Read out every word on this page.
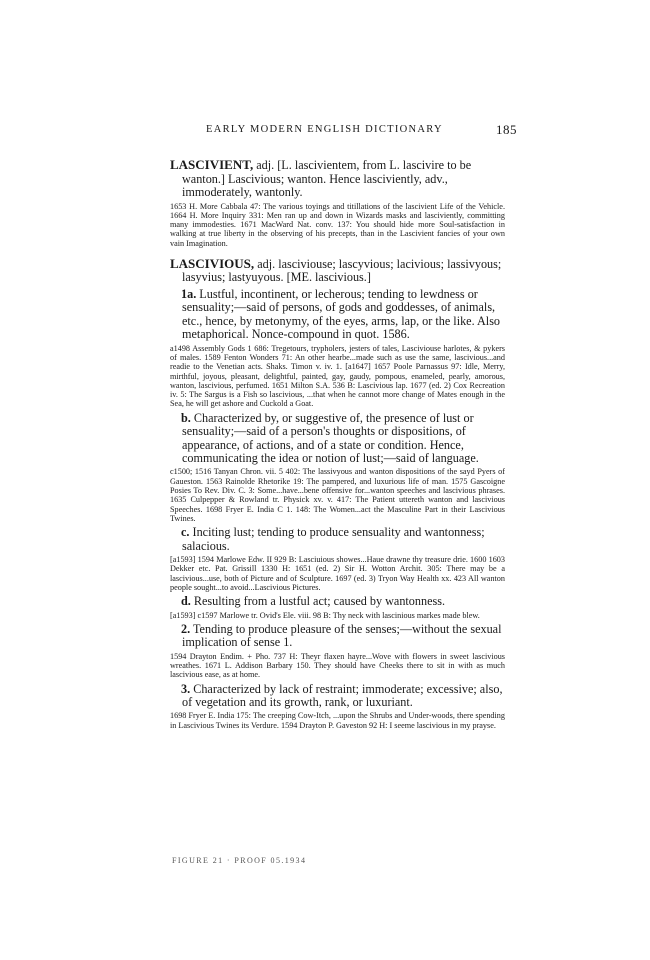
EARLY MODERN ENGLISH DICTIONARY	185

LASCIVIENT, adj. [L. lascivientem, from L. lascivire to be wanton.] Lascivious; wanton. Hence lasciviently, adv., immoderately, wantonly.

1653 H. More Cabbala 47: The various toyings and titillations of the lascivient Life of the Vehicle. 1664 H. More Inquiry 331: Men ran up and down in Wizards masks and lasciviently, committing many immodesties. 1671 MacWard Nat. conv. 137: You should hide more Soul-satisfaction in walking at true liberty in the observing of his precepts, than in the Lascivient fancies of your own vain Imagination.

LASCIVIOUS, adj. lasciviouse; lascyvious; lacivious; lassivyous; lasyvius; lastyuyous. [ME. lascivious.]

1a. Lustful, incontinent, or lecherous; tending to lewdness or sensuality;—said of persons, of gods and goddesses, of animals, etc., hence, by metonymy, of the eyes, arms, lap, or the like. Also metaphorical. Nonce-compound in quot. 1586.

a1498 Assembly Gods 1 686: Tregetours, trypholers, jesters of tales, Lasciviouse harlotes, & pykers of males. 1589 Fenton Wonders 71: An other hearbe...made such as use the same, lascivious...and readie to the Venetian acts. Shaks. Timon v. iv. 1. [a1647] 1657 Poole Parnassus 97: Idle, Merry, mirthful, joyous, pleasant, delightful, painted, gay, gaudy, pompous, enameled, pearly, amorous, wanton, lascivious, perfumed. 1651 Milton S.A. 536 B: Lascivious lap. 1677 (ed. 2) Cox Recreation iv. 5: The Sargus is a Fish so lascivious, ...that when he cannot more change of Mates enough in the Sea, he will get ashore and Cuckold a Goat.

b. Characterized by, or suggestive of, the presence of lust or sensuality;—said of a person's thoughts or dispositions, of appearance, of actions, and of a state or condition. Hence, communicating the idea or notion of lust;—said of language.

c1500; 1516 Tanyan Chron. vii. 5 402: The lassivyous and wanton dispositions of the sayd Pyers of Gaueston. 1563 Rainolde Rhetorike 19: The pampered, and luxurious life of man. 1575 Gascoigne Posies To Rev. Div. C. 3: Some...have...bene offensive for...wanton speeches and lascivious phrases. 1635 Culpepper & Rowland tr. Physick xv. v. 417: The Patient uttereth wanton and lascivious Speeches. 1698 Fryer E. India C 1. 148: The Women...act the Masculine Part in their Lascivious Twines.

c. Inciting lust; tending to produce sensuality and wantonness; salacious.

[a1593] 1594 Marlowe Edw. II 929 B: Lasciuious showes...Haue drawne thy treasure drie. 1600 1603 Dekker etc. Pat. Grissill 1330 H: 1651 (ed. 2) Sir H. Wotton Archit. 305: There may be a lascivious...use, both of Picture and of Sculpture. 1697 (ed. 3) Tryon Way Health xx. 423 All wanton people sought...to avoid...Lascivious Pictures.

d. Resulting from a lustful act; caused by wantonness.

[a1593] c1597 Marlowe tr. Ovid's Ele. viii. 98 B: Thy neck with lascinious markes made blew.

2. Tending to produce pleasure of the senses;—without the sexual implication of sense 1.

1594 Drayton Endim. + Pho. 737 H: Theyr flaxen hayre...Wove with flowers in sweet lascivious wreathes. 1671 L. Addison Barbary 150. They should have Cheeks there to sit in with as much lascivious ease, as at home.

3. Characterized by lack of restraint; immoderate; excessive; also, of vegetation and its growth, rank, or luxuriant.

1698 Fryer E. India 175: The creeping Cow-Itch, ...upon the Shrubs and Under-woods, there spending in Lascivious Twines its Verdure. 1594 Drayton P. Gaveston 92 H: I seeme lascivious in my prayse.

FIGURE 21 · PROOF 05.1934
